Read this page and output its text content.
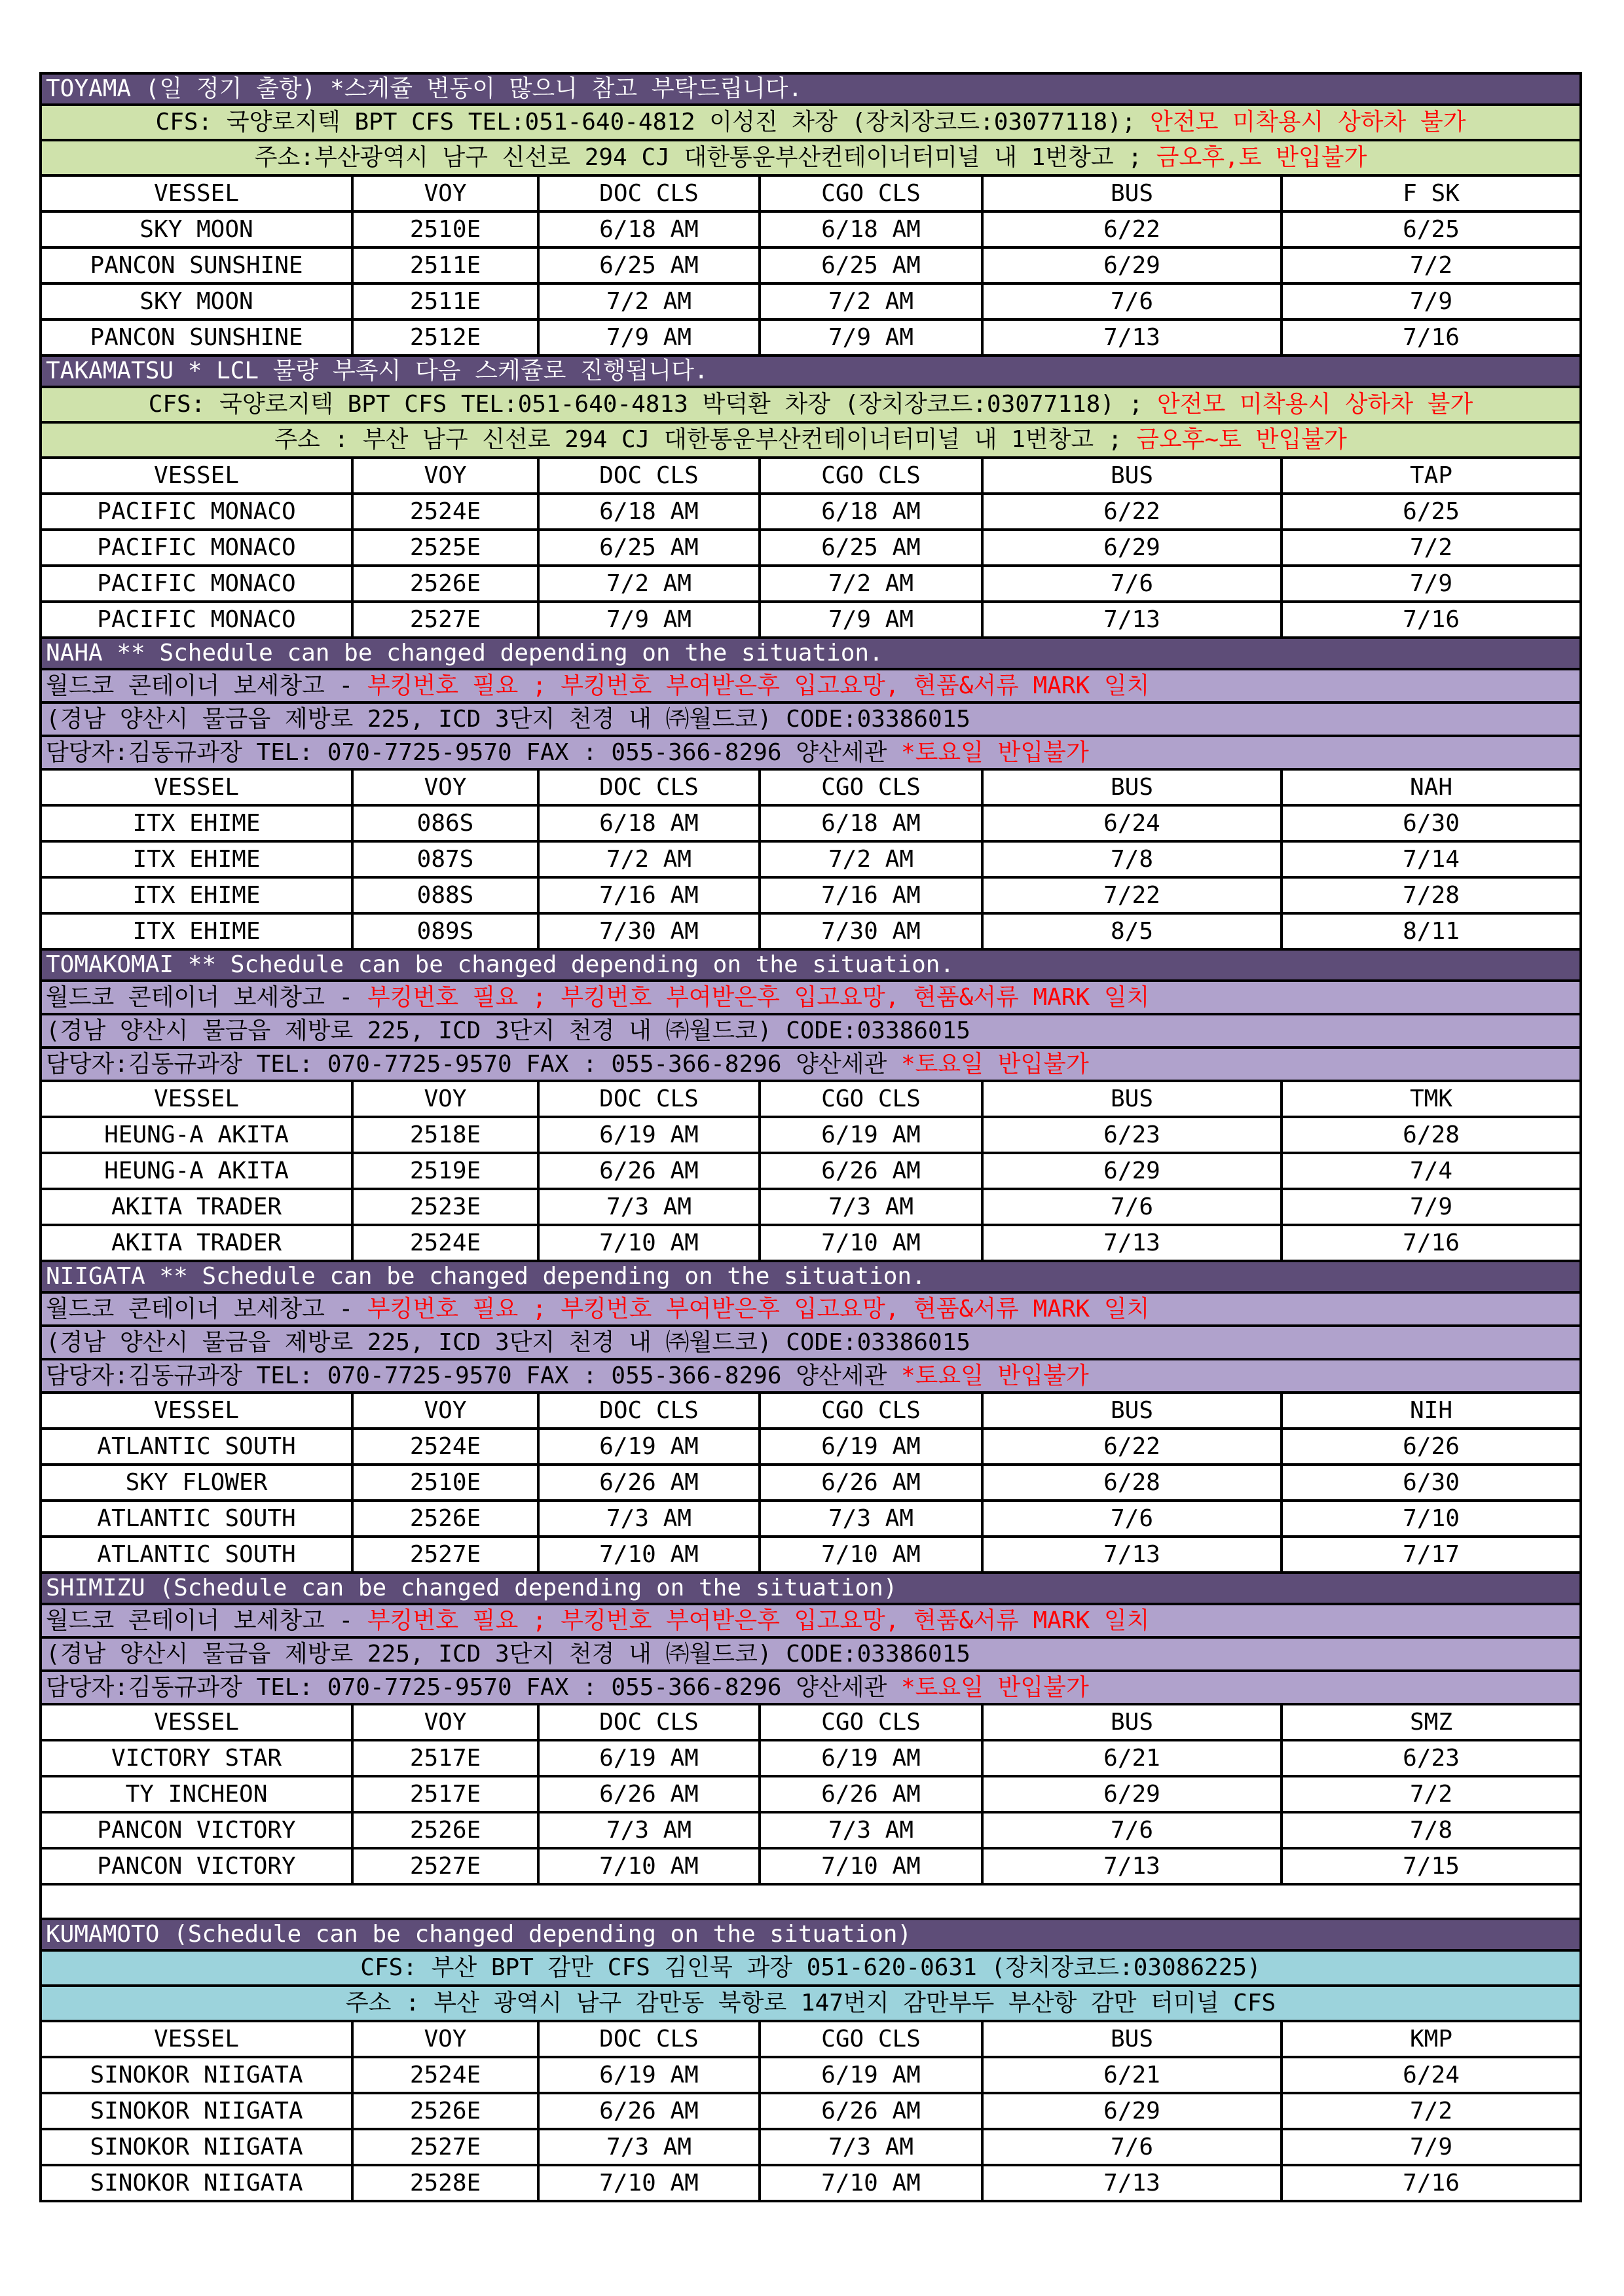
TOYAMA (일 정기 출항) *스케쥴 변동이 많으니 참고 부탁드립니다.					
CFS: 국양로지텍 BPT CFS TEL:051-640-4812 이성진 차장 (장치장코드:03077118); 안전모 미착용시 상하차 불가					
주소:부산광역시 남구 신선로 294 CJ 대한통운부산컨테이너터미널 내 1번창고 ; 금오후,토 반입불가					
VESSEL	VOY	DOC CLS	CGO CLS	BUS	F SK
SKY MOON	2510E	6/18 AM	6/18 AM	6/22	6/25
PANCON SUNSHINE	2511E	6/25 AM	6/25 AM	6/29	7/2
SKY MOON	2511E	7/2 AM	7/2 AM	7/6	7/9
PANCON SUNSHINE	2512E	7/9 AM	7/9 AM	7/13	7/16
TAKAMATSU * LCL 물량 부족시 다음 스케쥴로 진행됩니다.					
CFS: 국양로지텍 BPT CFS TEL:051-640-4813 박덕환 차장 (장치장코드:03077118) ; 안전모 미착용시 상하차 불가					
주소 : 부산 남구 신선로 294 CJ 대한통운부산컨테이너터미널 내 1번창고 ; 금오후~토 반입불가					
VESSEL	VOY	DOC CLS	CGO CLS	BUS	TAP
PACIFIC MONACO	2524E	6/18 AM	6/18 AM	6/22	6/25
PACIFIC MONACO	2525E	6/25 AM	6/25 AM	6/29	7/2
PACIFIC MONACO	2526E	7/2 AM	7/2 AM	7/6	7/9
PACIFIC MONACO	2527E	7/9 AM	7/9 AM	7/13	7/16
NAHA ** Schedule can be changed depending on the situation.					
월드코 콘테이너 보세창고 - 부킹번호 필요 ; 부킹번호 부여받은후 입고요망, 현품&서류 MARK 일치					
(경남 양산시 물금읍 제방로 225, ICD 3단지 천경 내 ㈜월드코) CODE:03386015					
담당자:김동규과장 TEL: 070-7725-9570 FAX : 055-366-8296 양산세관 *토요일 반입불가					
VESSEL	VOY	DOC CLS	CGO CLS	BUS	NAH
ITX EHIME	086S	6/18 AM	6/18 AM	6/24	6/30
ITX EHIME	087S	7/2 AM	7/2 AM	7/8	7/14
ITX EHIME	088S	7/16 AM	7/16 AM	7/22	7/28
ITX EHIME	089S	7/30 AM	7/30 AM	8/5	8/11
TOMAKOMAI ** Schedule can be changed depending on the situation.					
월드코 콘테이너 보세창고 - 부킹번호 필요 ; 부킹번호 부여받은후 입고요망, 현품&서류 MARK 일치					
(경남 양산시 물금읍 제방로 225, ICD 3단지 천경 내 ㈜월드코) CODE:03386015					
담당자:김동규과장 TEL: 070-7725-9570 FAX : 055-366-8296 양산세관 *토요일 반입불가					
VESSEL	VOY	DOC CLS	CGO CLS	BUS	TMK
HEUNG-A AKITA	2518E	6/19 AM	6/19 AM	6/23	6/28
HEUNG-A AKITA	2519E	6/26 AM	6/26 AM	6/29	7/4
AKITA TRADER	2523E	7/3 AM	7/3 AM	7/6	7/9
AKITA TRADER	2524E	7/10 AM	7/10 AM	7/13	7/16
NIIGATA ** Schedule can be changed depending on the situation.					
월드코 콘테이너 보세창고 - 부킹번호 필요 ; 부킹번호 부여받은후 입고요망, 현품&서류 MARK 일치					
(경남 양산시 물금읍 제방로 225, ICD 3단지 천경 내 ㈜월드코) CODE:03386015					
담당자:김동규과장 TEL: 070-7725-9570 FAX : 055-366-8296 양산세관 *토요일 반입불가					
VESSEL	VOY	DOC CLS	CGO CLS	BUS	NIH
ATLANTIC SOUTH	2524E	6/19 AM	6/19 AM	6/22	6/26
SKY FLOWER	2510E	6/26 AM	6/26 AM	6/28	6/30
ATLANTIC SOUTH	2526E	7/3 AM	7/3 AM	7/6	7/10
ATLANTIC SOUTH	2527E	7/10 AM	7/10 AM	7/13	7/17
SHIMIZU (Schedule can be changed depending on the situation)					
월드코 콘테이너 보세창고 - 부킹번호 필요 ; 부킹번호 부여받은후 입고요망, 현품&서류 MARK 일치					
(경남 양산시 물금읍 제방로 225, ICD 3단지 천경 내 ㈜월드코) CODE:03386015					
담당자:김동규과장 TEL: 070-7725-9570 FAX : 055-366-8296 양산세관 *토요일 반입불가					
VESSEL	VOY	DOC CLS	CGO CLS	BUS	SMZ
VICTORY STAR	2517E	6/19 AM	6/19 AM	6/21	6/23
TY INCHEON	2517E	6/26 AM	6/26 AM	6/29	7/2
PANCON VICTORY	2526E	7/3 AM	7/3 AM	7/6	7/8
PANCON VICTORY	2527E	7/10 AM	7/10 AM	7/13	7/15

KUMAMOTO (Schedule can be changed depending on the situation)					
CFS: 부산 BPT 감만 CFS 김인묵 과장 051-620-0631 (장치장코드:03086225)					
주소 : 부산 광역시 남구 감만동 북항로 147번지 감만부두 부산항 감만 터미널 CFS					
VESSEL	VOY	DOC CLS	CGO CLS	BUS	KMP
SINOKOR NIIGATA	2524E	6/19 AM	6/19 AM	6/21	6/24
SINOKOR NIIGATA	2526E	6/26 AM	6/26 AM	6/29	7/2
SINOKOR NIIGATA	2527E	7/3 AM	7/3 AM	7/6	7/9
SINOKOR NIIGATA	2528E	7/10 AM	7/10 AM	7/13	7/16
